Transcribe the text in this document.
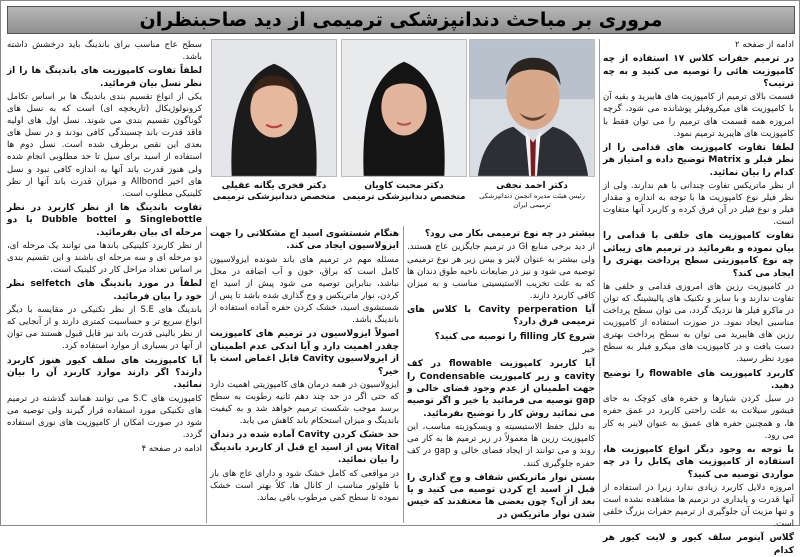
مروری بر مباحث دندانپزشکی ترمیمی از دید صاحبنظران

ادامه از صفحه ۲

در ترمیم حفرات کلاس ۱۷ استفاده از چه کامپوزیت هائی را توصیه می کنید و به چه ترتیب؟

قسمت بالای ترمیم از کامپوزیت های هایبرید و بقیه آن با کامپوزیت های میکروفیلر پوشانده می شود، گرچه امروزه همه قسمت های ترمیم را می توان فقط با کامپوزیت های هایبرید ترمیم نمود.

لطفا تفاوت کامپوزیت های قدامی را از نظر فیلر و Matrix توضیح داده و امتیاز هر کدام را بیان نمائید.

از نظر ماتریکس تفاوت چندانی با هم ندارند. ولی از نظر فیلر نوع کامپوزیت ها با توجه به اندازه و مقدار فیلر و نوع فیلر در آن فرق کرده و کاربرد آنها متفاوت است.

تفاوت کامپوزیت های خلفی با قدامی را بیان نموده و بفرمائید در ترمیم های زیبائی چه نوع کامپوزیتی سطح پرداخت بهتری را ایجاد می کند؟

در کامپوزیت رزین های امروزی قدامی و خلفی ها تفاوت ندارند و با سایز و تکنیک های پالیشینگ که توان در ماکرو فیلر ها نزدیک گردد، می توان سطح پرداخت مناسبی ایجاد نمود. در صورت استفاده از کامپوزیت رزین های هایبرید می توان به سطح پرداخت بهتری دست یافت و در کامپوزیت های میکرو فیلر به سطح مورد نظر رسید.

کاربرد کامپوزیت های flowable را توضیح دهید.

در سیل کردن شیارها و حفره های کوچک به جای فیشور سیلانت به علت راحتی کاربرد در عمق حفره ها، و همچنین حفره های عمیق به عنوان لاینر به کار می رود.

با توجه به وجود دیگر انواع کامپوزیت ها، استفاده از کامپوزیت های پکابل را در چه مواردی توصیه می کنید؟

امروزه دلایل کاربرد زیادی ندارد زیرا در استفاده از آنها قدرت و پایداری در ترمیم ها مشاهده نشده است و تنها مزیت آن جلوگیری از ترمیم حفرات بزرگ خلفی است.

گلاس آینومر سلف کیور و لایت کیور هر کدام
دکتر احمد نجفی
رئیس هیئت مدیره انجمن دندانپزشکی ترمیمی ایران
دکتر محبت کاویان
متخصص دندانپزشکی ترمیمی
دکتر فخری یگانه عقیلی
متخصص دندانپزشکی ترمیمی
بیشتر در چه نوع ترمیمی بکار می رود؟

از دید برخی منابع GI در ترمیم جایگزین عاج هستند. ولی بیشتر به عنوان لاینر و بیس زیر هر نوع ترمیمی توصیه می شود و نیز در ضایعات ناحیه طوق دندان ها که به علت تخریب الاستیسیتی مناسب و به میزان کافی کاربرد دارند.

آیا Cavity perperation با کلاس های ترمیمی فرق دارد؟
شروع کار filling را توصیه می کنید؟

خیر

آیا کاربرد کامپوزیت flowable در کف cavity و زیر کامپوزیت Condensable را جهت اطمینان از عدم وجود فضای خالی و gap توصیه می فرمائید یا خیر و اگر توصیه می نمائید روش کار را توضیح بفرمائید.

به دلیل حفظ الاستیسیته و ویسکوزیته مناسب، این کامپوزیت رزین ها معمولاً در زیر ترمیم ها به کار می روند و می توانند از ایجاد فضای خالی و gap در کف حفره جلوگیری کنند.

بستن نوار ماتریکس شفاف و وج گذاری را قبل از اسید اچ کردن توصیه می کنید و یا بعد از آن؟ چون بعضی ها معتقدند که خیس شدن نوار ماتریکس در
هنگام شستشوی اسید اچ مشکلاتی را جهت ایزولاسیون ایجاد می کند.

مسئله مهم در ترمیم های باند شونده ایزولاسیون کامل است که براق، خون و آب اضافه در محل نباشد، بنابراین توصیه می شود پیش از اسید اچ کردن، نوار ماتریکس و وج گذاری شده باشد تا پس از شستشوی اسید، خشک کردن حفره آماده استفاده از باندینگ باشد.

اصولاً ایزولاسیون در ترمیم های کامپوزیت چقدر اهمیت دارد و آیا اندکی عدم اطمینان از ایزولاسیون Cavity قابل اغماض است یا خیر؟

ایزولاسیون در همه درمان های کامپوزیتی اهمیت دارد که حتی اگر در حد چند دهم ثانیه رطوبت به سطح برسد موجب شکست ترمیم خواهد شد و به کیفیت باندینگ و میزان استحکام باند کاهش می یابد.

حد خشک کردن Cavity آماده شده در دندان Vital پس از اسید اچ قبل از کاربرد باندینگ را بیان نمائید.

در مواقعی که کامل خشک شود و دارای عاج های باز با فلوئور مناسب از کانال ها، کلاً بهتر است خشک نموده تا سطح کمی مرطوب باقی بماند.

سطح عاج مناسب برای باندینگ باید درخشش داشته باشد.

لطفاً تفاوت کامپوزیت های باندینگ ها را از نظر نسل بیان فرمائید.

یکی از انواع تقسیم بندی باندینگ ها بر اساس تکامل کرونولوژیکال (تاریخچه ای) است که به نسل های گوناگون تقسیم بندی می شوند. نسل اول های اولیه فاقد قدرت باند چسبندگی کافی بودند و در نسل های بعدی این نقص برطرف شده است. نسل دوم ها استفاده از اسید برای سیل تا حد مطلوبی انجام شده ولی هنوز قدرت باند آنها به اندازه کافی نبود و نسل های اخیر Allbond و میزان قدرت باند آنها از نظر کلینیکی مطلوب است.

تفاوت باندینگ ها از نظر کاربرد در نظر Singlebottle و Dubble bottel یا دو مرحله ای بیان بفرمائید.

از نظر کاربرد کلینیکی باندها می توانند یک مرحله ای، دو مرحله ای و سه مرحله ای باشند و این تقسیم بندی بر اساس تعداد مراحل کار در کلینیک است.

لطفاً در مورد باندینگ های selfetch نظر خود را بیان فرمائید.

باندینگ های S.E از نظر تکنیکی در مقایسه با دیگر انواع سریع تر و حساسیت کمتری دارند و از آنجایی که از نظر بالینی قدرت باند نیز قابل قبول هستند می توان از آنها در بسیاری از موارد استفاده کرد.

آیا کامپوزیت های سلف کیور هنوز کاربرد دارند؟ اگر دارند موارد کاربرد آن را بیان نمائید.

کامپوزیت های S.C می توانند همانند گذشته در ترمیم های تکنیکی مورد استفاده قرار گیرند ولی توصیه می شود در صورت امکان از کامپوزیت های نوری استفاده گردد.

ادامه در صفحه ۴
